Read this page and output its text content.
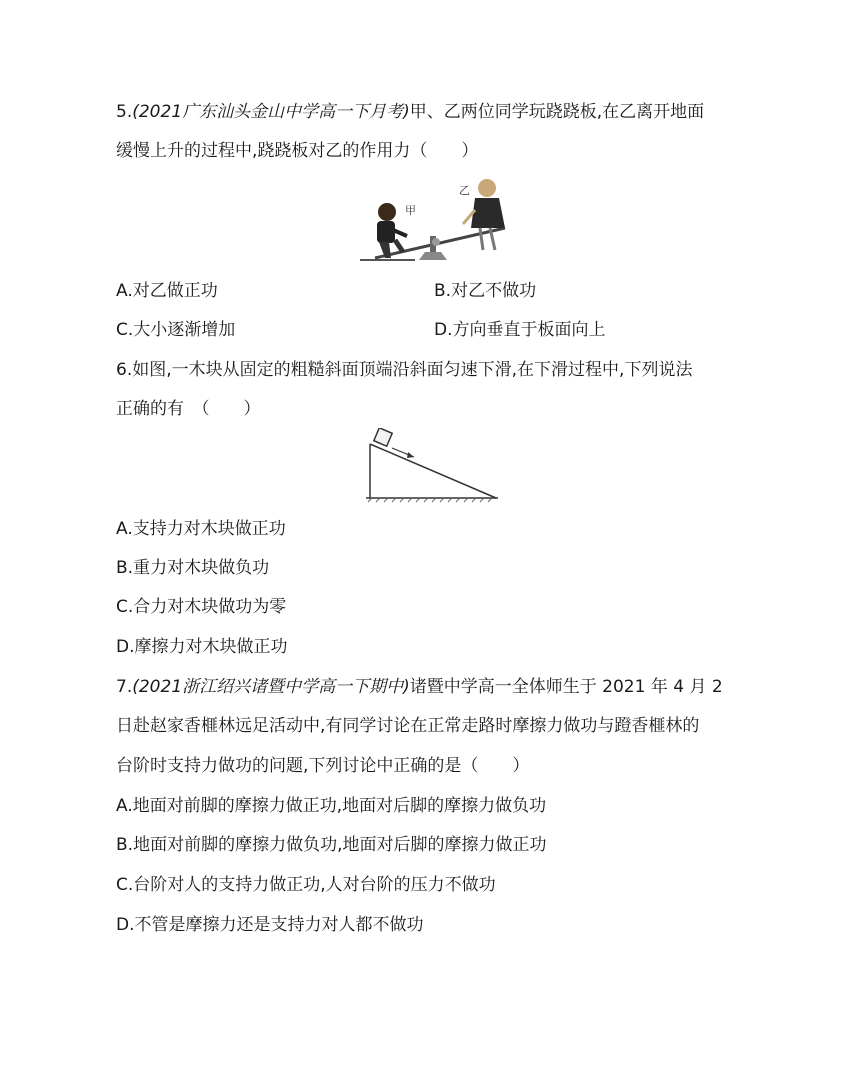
5.(2021广东汕头金山中学高一下月考)甲、乙两位同学玩跷跷板,在乙离开地面
缓慢上升的过程中,跷跷板对乙的作用力（　　）
甲
乙
A.对乙做正功	B.对乙不做功
C.大小逐渐增加	D.方向垂直于板面向上
6.如图,一木块从固定的粗糙斜面顶端沿斜面匀速下滑,在下滑过程中,下列说法
正确的有　（　　）
A.支持力对木块做正功
B.重力对木块做负功
C.合力对木块做功为零
D.摩擦力对木块做正功
7.(2021浙江绍兴诸暨中学高一下期中)诸暨中学高一全体师生于 2021 年 4 月 2
日赴赵家香榧林远足活动中,有同学讨论在正常走路时摩擦力做功与蹬香榧林的
台阶时支持力做功的问题,下列讨论中正确的是（　　）
A.地面对前脚的摩擦力做正功,地面对后脚的摩擦力做负功
B.地面对前脚的摩擦力做负功,地面对后脚的摩擦力做正功
C.台阶对人的支持力做正功,人对台阶的压力不做功
D.不管是摩擦力还是支持力对人都不做功
